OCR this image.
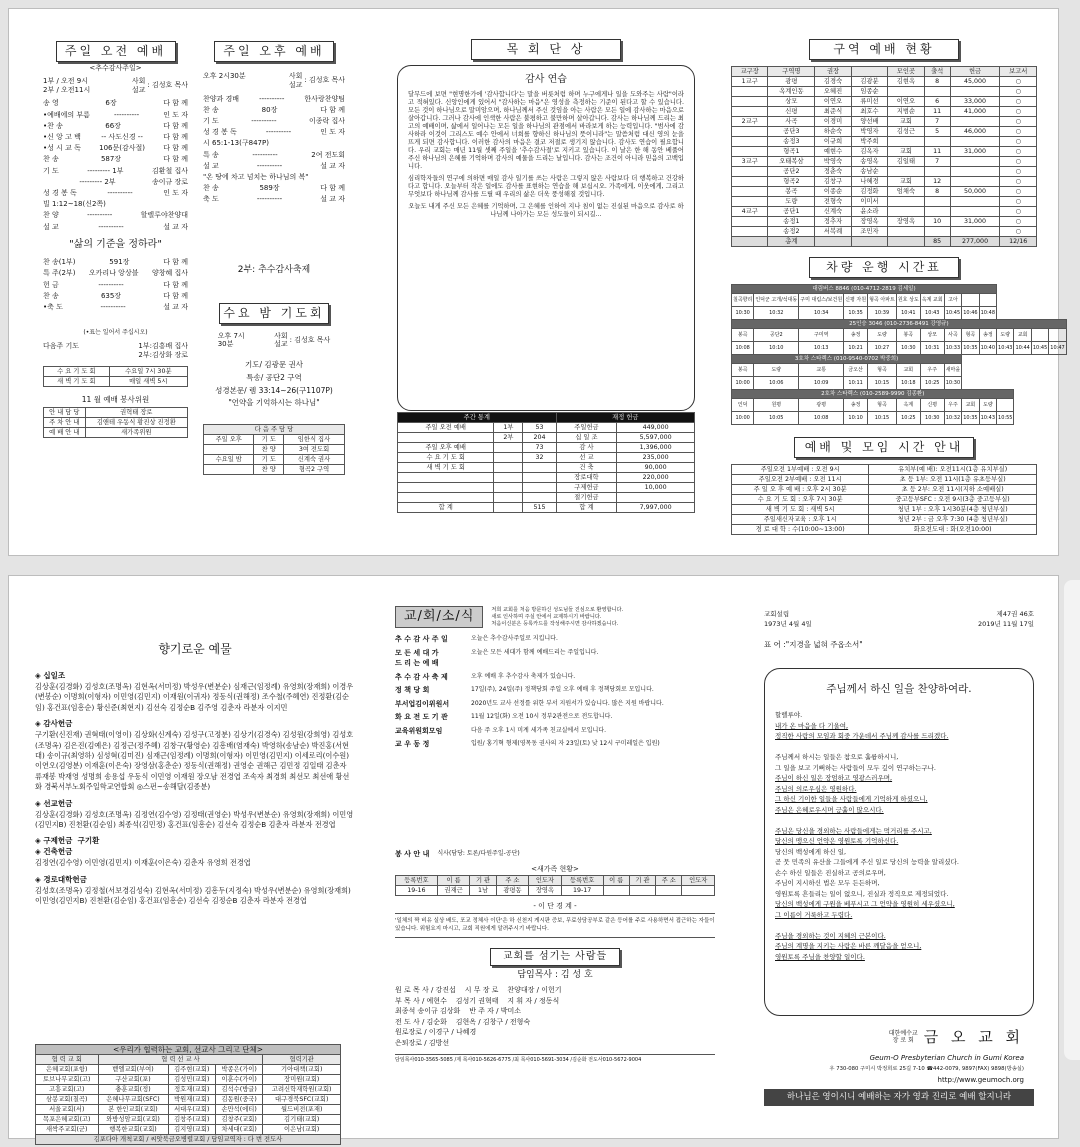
주일 오전 예배
<추수감사주일>
1부 / 오전 9시
2부 / 오전11시
사회
설교
: 김성호 목사
송 영	6장	다 함 께
•예배에의 부름	----------	인 도 자
•찬 송	66장	다 함 께
•신 앙 고 백	-- 사도신경 --	다 함 께
•성 시 교 독	106문(감사절)	다 함 께
찬 송	587장	다 함 께
기 도	--------- 1부	김환철 집사
--------- 2부	송이규 장로
성 경 봉 독	----------	인 도 자
빌 1:12~18(신2쪽)
찬 양	----------	할렐루야찬양대
설 교	----------	설 교 자
"삶의 기준을 정하라"
찬 송(1부)	591장	다 함 께
특 주(2부)	오카리나 앙상블	양창혜 집사
헌 금	----------	다 함 께
찬 송	635장	다 함 께
•축 도	----------	설 교 자
(•표는 일어서 주십시오)
다음주 기도	1부:김흥배 집사
2부:김상화 장로
수 요 기 도 회	수요일 7시 30분
새 벽 기 도 회	매일 새벽 5시
11 월 예배 봉사위원
안 내 담 당	권혁태 장로
주 차 안 내	김앤테 우동식 황진상 진정환
예 배 안 내	새가족위원
주일 오후 예배
오후 2시30분	사회
설교
: 김성호 목사
찬양과 경배	----------	한사랑찬양팀
찬 송	80장	다 함 께
기 도	----------	이종락 집사
성 경 봉 독	----------	인 도 자
시 65:1-13(구847P)
특 송	----------	2여 전도회
설 교	----------	설 교 자
"온 땅에 차고 넘치는 하나님의 복"
찬 송	589장	다 함 께
축 도	----------	설 교 자
2부: 추수감사축제
수요 밤 기도회
오후 7시
30분
사회
설교
: 김성호 목사
기도/ 김광문 권사
특송/ 공단2 구역
성경본문/ 렘 33:14~26(구1107P)
"언약을 기억하시는 하나님"
다 음 주 담 당		
주일 오후	기 도	임한식 집사
	찬 양	3여 전도회
수요일 밤	기 도	신계숙 권사
	찬 양	형곡2 구역
목 회 단 상
감사 연습
달무드에 보면 "현명한가에 '감사합니다'는 말을 버릇처럼 하며 누구에게나 일을 도와주는 사람"이라고 적혀있다. 신앙인에게 있어서 "감사하는 마음"은 영성을 측정하는 기준이 된다고 할 수 있습니다. 모든 것이 하나님으로 말미암으며, 하나님께서 주신 것임을 아는 사람은 모든 일에 감사하는 마음으로 살아갑니다. 그러나 감사에 인색한 사람은 불평하고 불만하며 살아갑니다. 감사는 하나님께 드리는 최고의 예배이며, 삶에서 일어나는 모든 일을 하나님의 관점에서 바라보게 하는 능력입니다. "범사에 감사하라 이것이 그리스도 예수 안에서 너희를 향하신 하나님의 뜻이니라"는 말씀처럼 대신 영의 눈을 뜨게 되면 감사합니다. 이러한 감사의 마음은 결코 저절로 생기지 않습니다. 감사도 연습이 필요합니다. 우리 교회는 매년 11월 셋째 주일을 '추수감사절'로 지키고 있습니다. 이 날은 한 해 동안 베풀어 주신 하나님의 은혜를 기억하며 감사의 예물을 드리는 날입니다. 감사는 조건이 아니라 믿음의 고백입니다.
심리학자들의 연구에 의하면 매일 감사 일기를 쓰는 사람은 그렇지 않은 사람보다 더 행복하고 건강하다고 합니다. 오늘부터 작은 일에도 감사를 표현하는 연습을 해 보십시오. 가족에게, 이웃에게, 그리고 무엇보다 하나님께 감사를 드릴 때 우리의 삶은 더욱 풍성해질 것입니다.
오늘도 내게 주신 모든 은혜를 기억하며, 그 은혜를 인하여 지나 침이 없는 진실된 마음으로 감사로 하나님께 나아가는 모든 성도들이 되시길...
주간 통계			재정 헌금	
주일 오전 예배	1부	53	주일헌금	449,000
	2부	204	십 일 조	5,597,000
주일 오후 예배		73	감 사	1,396,000
수 요 기 도 회		32	선 교	235,000
새 벽 기 도 회			건 축	90,000
			장로대학	220,000
			구제헌금	10,000
			절기헌금	
합 계		515	합 계	7,997,000
구역 예배 현황
교구장	구역명	권장		모인곳	출석	헌금	보고서
1교구	광평	김경숙	김광분	김현옥	8	45,000	○
	옥계인동	오혜진	임종순				○
	상모	이연오	류미선	이연오	6	33,000	○
	신평	최준식	최호수	지범순	11	41,000	○
2교구	사곡	이경미	양선배	교회	7		○
	공단3	하순숙	박영자	김성근	5	46,000	○
	송정3	이규희	박주희				○
	형곡1	예현수	김옥자	교회	11	31,000	○
3교구	오태복삼	박영숙	송영옥	김일태	7		○
	공단2	정춘숙	송남순				○
	형곡2	김창구	나혜경	교회	12		○
	봉곡	이종순	김정화	엄채숙	8	50,000	○
	도량	전형숙	이미서				○
4교구	공단1	신계숙	윤소라				○
	송정1	정추자	장영옥	장영옥	10	31,000	○
	송정2	서복례	조민자				○
	총계				85	277,000	12/16
차량 운행 시간표
대림버스 8846 (010-4712-2819 김세일)													
칠곡향리	인덕군 고개/석대동	구미 대림스/보건원	신평 자원	형곡 아파트	원호 상도	옥계 교회	고아						
10:30	10:32	10:34	10:35	10:39	10:41	10:43	10:45	10:46	10:48				
25인승 3046 (010-2736-8491 강영규)													
봉곡	공단2	구미역	송정	도량	봉곡	상모	사곡	형곡	송정	도량	교회		
10:08	10:10	10:13	10:21	10:27	10:30	10:31	10:33	10:35	10:40	10:43	10:44	10:45	10:47
3호차 스타렉스 (010-9540-0702 박중희)													
봉곡	도량	교통	금오산	형곡	교회	우주	새마을						
10:00	10:06	10:09	10:11	10:15	10:18	10:25	10:30						
2호차 스타렉스 (010-2589-9990 김종환)													
인덕	원평	광평	송정	형곡	옥계	신평	우주	교회	도량				
10:00	10:05	10:08	10:10	10:15	10:25	10:30	10:32	10:35	10:43	10:55			
예배 및 모임 시간 안내
주일오전 1부예배 : 오전 9시	유치부(예 배): 오전11시(1층 유치부실)
주일오전 2부예배 : 오전 11시	초 등 1부: 오전 11시(1층 유초등부실)
주 일 오 후 예 배 : 오후 2시 30분	초 등 2부: 오전 11시(지하 소예배실)
수 요 기 도 회 : 오후 7시 30분	중고등부SFC : 오전 9시(3층 중고등부실)
새 벽 기 도 회 : 새벽 5시	청년 1부 : 오후 1시30분(4층 청년부실)
주일새신자교육 : 오후 1시	청년 2부 : 금 오후 7:30 (4층 청년부실)
경 로 대 학 : 수(10:00~13:00)	화요전도대 : 화(오전10:00)
향기로운 예물
◈ 십일조
김상훈(김경화) 김성호(조명옥) 김현옥(서미정) 박성우(변분순) 심재근(임정례) 유영희(장재희) 이경우(변봉순) 이명희(이형자) 이민영(김민지) 이재원(이귀자) 정동식(권해정) 조수철(주혜연) 진정환(김순임) 홍건표(임흥순) 황신준(최현지) 김선숙 김정순B 김주영 김춘자 라분자 이지민
◈ 감사헌금
구기환(신진재) 권혁태(이영이) 김상화(신계숙) 김성구(고정분) 김상기(김경숙) 김성원(강희영) 김성호(조명옥) 김은진(김예은) 김정근(정주혜) 김창구(황영순) 김흥배(염재숙) 박영하(송남순) 박진홍(서현대) 송이규(최영하) 심성혁(김미진) 심재근(임정례) 이명희(이형자) 이민영(김민지) 이세로리(이수원) 이연오(김영분) 이재훈(이은숙) 장영삼(홍춘순) 정동식(권해정) 권영순 권해근 김민정 김일태 김춘자 류재봉 박재영 성명희 송용섭 우동식 이민영 이재원 장오남 전경엽 조속자 최경희 최선모 최선애 황선화 경북서부노회주일학교연합회 ◎스펀~송해달(김종분)
◈ 선교헌금
김상훈(김경화) 김성호(조명옥) 김정연(김수영) 김정태(권영순) 박성우(변분순) 유영희(장재희) 이민영(김민지B) 진천환(김순임) 최종석(김민정) 홍건표(임흥순) 김선숙 김정순B 김춘자 라분자 전경엽
◈ 구제헌금  구기환
◈ 건축헌금
김정연(김수영) 이민영(김민지) 이재훈(이은숙) 김춘자 유영희 전경엽
◈ 경로대학헌금
김성호(조명옥) 김정철(서보경김성숙) 김현옥(서미정) 김흥두(지정숙) 박성우(변분순) 유영희(장재희) 이민영(김민지B) 진천환(김순임) 홍건표(임흥순) 김선숙 김정순B 김춘자 라분자 전경엽
<우리가 협력하는 교회, 선교사 그리고 단체>				
협 력 교 회	협 력 선 교 사			협력기관
은혜교회(포항)	벧엘교회(부여)	김주현(교회)	박종은(가이)	기아대책(교회)
토브나무교회(고)	구산교회(포)	김성민(교회)	이훈수(가이)	장미원(교회)
고흥교회(고)	충훈교회(정)	정호재(교회)	김석수(방글)	고려신학재학원(교회)
삼봉교회(칠곡)	은혜나무교회(SFC)	박원재(교회)	김동원(중국)	대구경북SFC(교회)
서울교회(서)	본 한인교회(교회)	서대우(교회)	손만석(에티)	월드비전(포재)
목포은혜교회(고)	와방성암교회(교회)	김창주(교회)	김창주(교회)	김기태(교회)
새싹주교회(군)	행복한교회(교회)	김지영(교회)	차세대(교회)	이은남(교회)
김포다아 개척교회 / 씨앗북금오병렬교회 / 담임교역자 : 다 번 전도사				
교/회/소/식	저희 교회를 처음 방문하신 성도님들 진심으로 환영합니다.
새로 인사하며 주실 안에서 교제하시기 바랍니다.
처음이신분은 등록카드를 작성해주시면 감사하겠습니다.
추 수 감 사 주 일	오늘은 추수감사주일로 지킵니다.
모 든 세 대 가
드 리 는 예 배
오늘은 모든 세대가 함께 예배드리는 주일입니다.
추 수 감 사 축 제	오후 예배 후 추수감사 축제가 있습니다.
정 책 당 회	17일(주), 24일(주) 정책당회 주일 오후 예배 후 정책당회로 모입니다.
부서업김이위원서	2020년도 교사 선정를 위한 부서 지원서가 있습니다. 많은 지원 바랍니다.
화 요 전 도 기 관	11월 12일(화) 오전 10시 정부2관전으로 전도합니다.
교육위원회모임	다음 주 오후 1시 미계 세가족 친교실에서 모입니다.
교 우 동 정	입원/ 홍기혁 형제(영목동 권사의 자 23일(토) 낮 12시 구미레일은 입원)
봉 사 안 내 식사(담당: 토론/다원주일-공단)
<새가족 현황>
등록번호	이 름	기 관	주 소	인도자	등록번호	이 름	기 관	주 소	인도자
19-16	권재근	1남	광평동	장영옥	19-17				
- 이 단 경 계 -
'일체의 짝 비유 실상 배도, 포교 정체사 이단'은 하 신천지 게시판 증보, 무료상담공부로 같은 등어를 주로 사용하면서 접근하는 자들이 있습니다. 위험요지 마시고, 교회 직원에게 알려주시기 바랍니다.
교회를 섬기는 사람들
담임목사 : 김 성 호
원 로 목 사 / 강진섭    시 무 장 로    찬양대장 / 이헌기
부 목 사 / 예현수    김성기 권혁태    지 휘 자 / 정동식
최종석 송이규 김상화    반 주 자 / 박미소
전 도 사 / 김순화    김현옥 / 김창구 / 전형숙
원로장로 / 이경구 / 나혜경
은퇴장로 / 김방선
담임목사010-3565-5085 /제 목사010-5626-6775 /최 목사010-5691-3034 /김순화 전도사010-5672-9004
교회설립	제47권 46호
1973년 4월 4일	2019년 11월 17일
표 어 :"지경을 넓혀 주옵소서"
주님께서 하신 일을 찬양하여라.
할렐루야.
내가 온 마음을 다 기울여,
정직한 사람의 모임과 회중 가운데서 주님께 감사를 드리겠다.

주님께서 하시는 일들은 참으로 훌륭하시니,
그 일을 보고 기뻐하는 사람들이 모두 깊이 연구하는구나.
주님이 하신 일은 장엄하고 영광스러우며,
주님의 의로우심은 영원하다.
그 하신 기이한 일들을 사람들에게 기억하게 하셨으니,
주님은 은혜로우시며 긍휼이 많으시다.

주님은 당신을 경외하는 사람들에게는 먹거리를 주시고,
당신의 맹으신 언약은 영원토록 기억하신다.
당신의 백성에게 하신 일,
곧 뭇 민족의 유산을 그들에게 주신 일로 당신의 능력을 알리셨다.
손수 하신 일들은 진실하고 공의로우며,
주님이 지시하신 법은 모두 든든하며,
영원토록 흔들리는 일이 없으니, 진실과 정직으로 제정되었다.
당신의 백성에게 구원을 베푸시고 그 언약을 영원히 세우셨으니,
그 이름이 거룩하고 두렵다.

주님을 경외하는 것이 지혜의 근본이다.
주님의 계명을 지키는 사람은 바른 깨달음을 얻으니,
영원토록 주님을 찬양할 일이다.
대한예수교
장 로 회 금 오 교 회
Geum-O Presbyterian Church in Gumi Korea
우 730-080 구미시 박정희로 25길 7-10 ☎442-0079, 9897(FAX) 9898(방송실)
http://www.geumoch.org
하나님은 영이시니 예배하는 자가 영과 진리로 예배 할지니라
